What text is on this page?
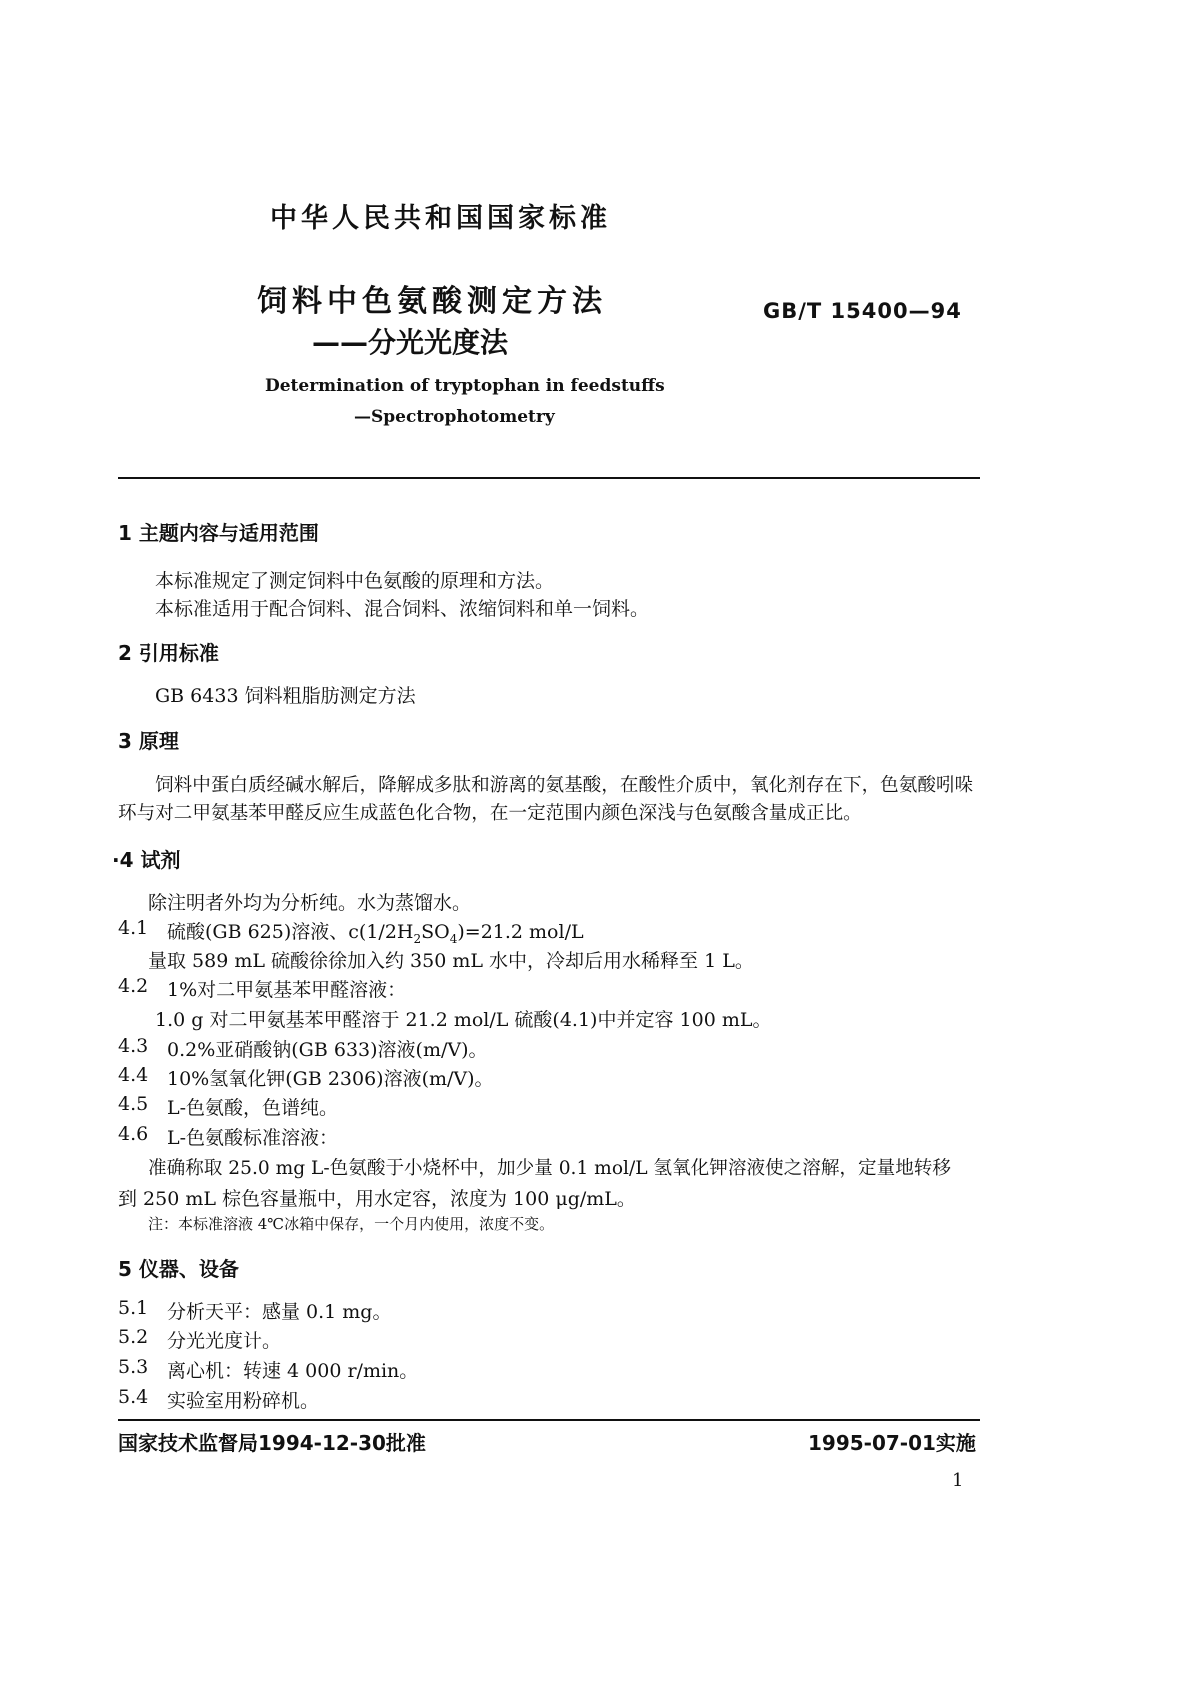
中华人民共和国国家标准
饲料中色氨酸测定方法
——分光光度法
GB/T 15400—94
Determination of tryptophan in feedstuffs
—Spectrophotometry
1 主题内容与适用范围
本标准规定了测定饲料中色氨酸的原理和方法。
本标准适用于配合饲料、混合饲料、浓缩饲料和单一饲料。
2 引用标准
GB 6433 饲料粗脂肪测定方法
3 原理
饲料中蛋白质经碱水解后，降解成多肽和游离的氨基酸，在酸性介质中，氧化剂存在下，色氨酸吲哚
环与对二甲氨基苯甲醛反应生成蓝色化合物，在一定范围内颜色深浅与色氨酸含量成正比。
·4 试剂
除注明者外均为分析纯。水为蒸馏水。
4.1 硫酸(GB 625)溶液、$c(1/2H_2SO_4)=21.2$ mol/L
量取 589 mL 硫酸徐徐加入约 350 mL 水中，冷却后用水稀释至 1 L。
4.2 1%对二甲氨基苯甲醛溶液：
1.0 g 对二甲氨基苯甲醛溶于 21.2 mol/L 硫酸(4.1)中并定容 100 mL。
4.3 0.2%亚硝酸钠(GB 633)溶液(m/V)。
4.4 10%氢氧化钾(GB 2306)溶液(m/V)。
4.5 L-色氨酸，色谱纯。
4.6 L-色氨酸标准溶液：
准确称取 25.0 mg L-色氨酸于小烧杯中，加少量 0.1 mol/L 氢氧化钾溶液使之溶解，定量地转移
到 250 mL 棕色容量瓶中，用水定容，浓度为 100 μg/mL。
注：本标准溶液 4℃冰箱中保存，一个月内使用，浓度不变。
5 仪器、设备
5.1 分析天平：感量 0.1 mg。
5.2 分光光度计。
5.3 离心机：转速 4 000 r/min。
5.4 实验室用粉碎机。
国家技术监督局1994-12-30批准	1995-07-01实施
1
